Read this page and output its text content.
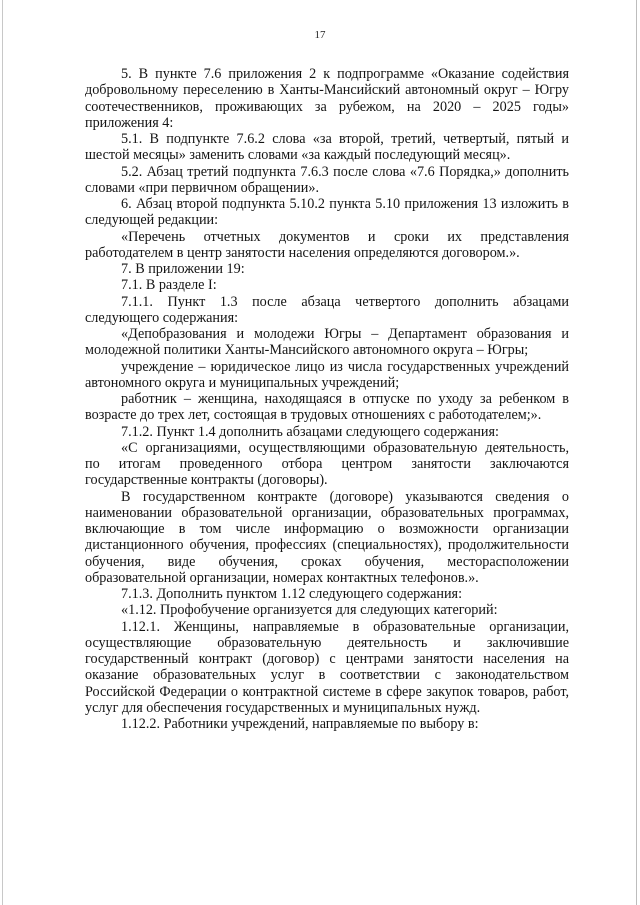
17

5. В пункте 7.6 приложения 2 к подпрограмме «Оказание содействия добровольному переселению в Ханты-Мансийский автономный округ – Югру соотечественников, проживающих за рубежом, на 2020 – 2025 годы» приложения 4:

5.1. В подпункте 7.6.2 слова «за второй, третий, четвертый, пятый и шестой месяцы» заменить словами «за каждый последующий месяц».

5.2. Абзац третий подпункта 7.6.3 после слова «7.6 Порядка,» дополнить словами «при первичном обращении».

6. Абзац второй подпункта 5.10.2 пункта 5.10 приложения 13 изложить в следующей редакции:

«Перечень отчетных документов и сроки их представления работодателем в центр занятости населения определяются договором.».

7. В приложении 19:

7.1. В разделе I:

7.1.1. Пункт 1.3 после абзаца четвертого дополнить абзацами следующего содержания:

«Депобразования и молодежи Югры – Департамент образования и молодежной политики Ханты-Мансийского автономного округа – Югры;

учреждение – юридическое лицо из числа государственных учреждений автономного округа и муниципальных учреждений;

работник – женщина, находящаяся в отпуске по уходу за ребенком в возрасте до трех лет, состоящая в трудовых отношениях с работодателем;».

7.1.2. Пункт 1.4 дополнить абзацами следующего содержания:

«С организациями, осуществляющими образовательную деятельность, по итогам проведенного отбора центром занятости заключаются государственные контракты (договоры).

В государственном контракте (договоре) указываются сведения о наименовании образовательной организации, образовательных программах, включающие в том числе информацию о возможности организации дистанционного обучения, профессиях (специальностях), продолжительности обучения, виде обучения, сроках обучения, месторасположении образовательной организации, номерах контактных телефонов.».

7.1.3. Дополнить пунктом 1.12 следующего содержания:

«1.12. Профобучение организуется для следующих категорий:

1.12.1. Женщины, направляемые в образовательные организации, осуществляющие образовательную деятельность и заключившие государственный контракт (договор) с центрами занятости населения на оказание образовательных услуг в соответствии с законодательством Российской Федерации о контрактной системе в сфере закупок товаров, работ, услуг для обеспечения государственных и муниципальных нужд.

1.12.2. Работники учреждений, направляемые по выбору в:
